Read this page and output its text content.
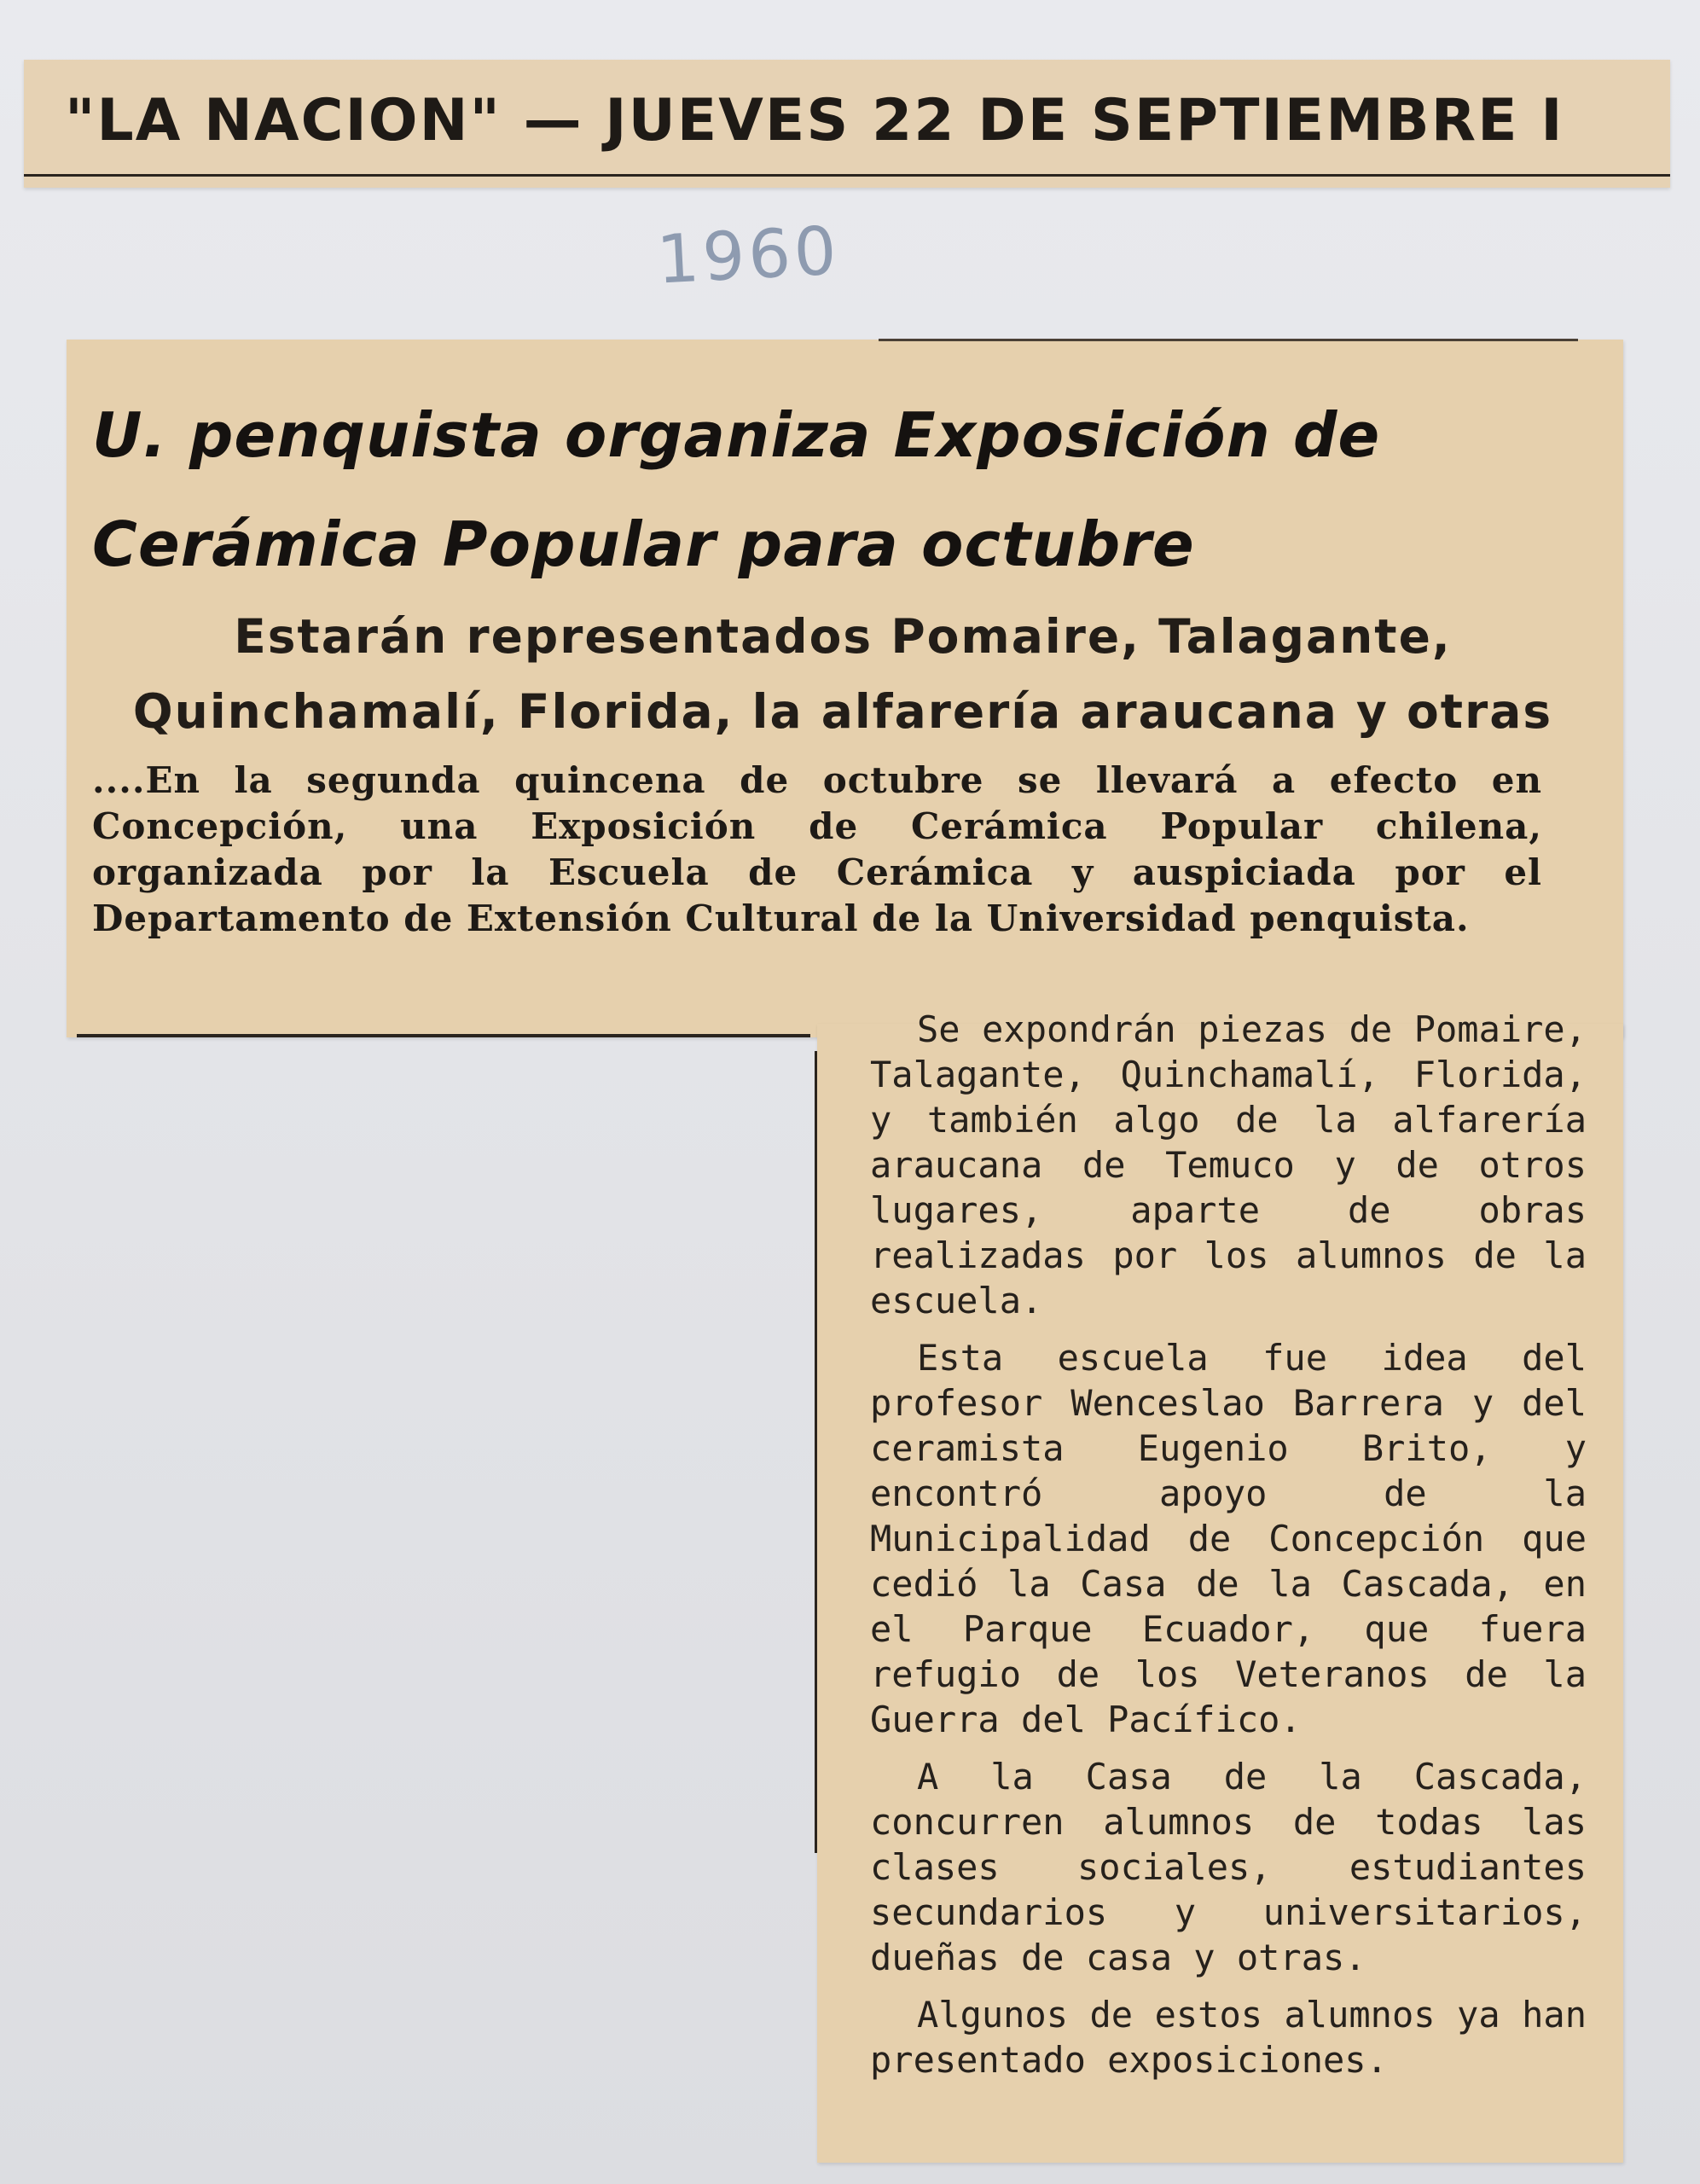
"LA NACION" — JUEVES 22 DE SEPTIEMBRE I
1960
U. penquista organiza Exposición de Cerámica Popular para octubre
Estarán representados Pomaire, Talagante, Quinchamalí, Florida, la alfarería araucana y otras

....En la segunda quincena de octubre se llevará a efecto en Concepción, una Exposición de Cerámica Popular chilena, organizada por la Escuela de Cerámica y auspiciada por el Departamento de Extensión Cultural de la Universidad penquista.

Se expondrán piezas de Pomaire, Talagante, Quinchamalí, Florida, y también algo de la alfarería araucana de Temuco y de otros lugares, aparte de obras realizadas por los alumnos de la escuela.

Esta escuela fue idea del profesor Wenceslao Barrera y del ceramista Eugenio Brito, y encontró apoyo de la Municipalidad de Concepción que cedió la Casa de la Cascada, en el Parque Ecuador, que fuera refugio de los Veteranos de la Guerra del Pacífico.

A la Casa de la Cascada, concurren alumnos de todas las clases sociales, estudiantes secundarios y universitarios, dueñas de casa y otras.

Algunos de estos alumnos ya han presentado exposiciones.
